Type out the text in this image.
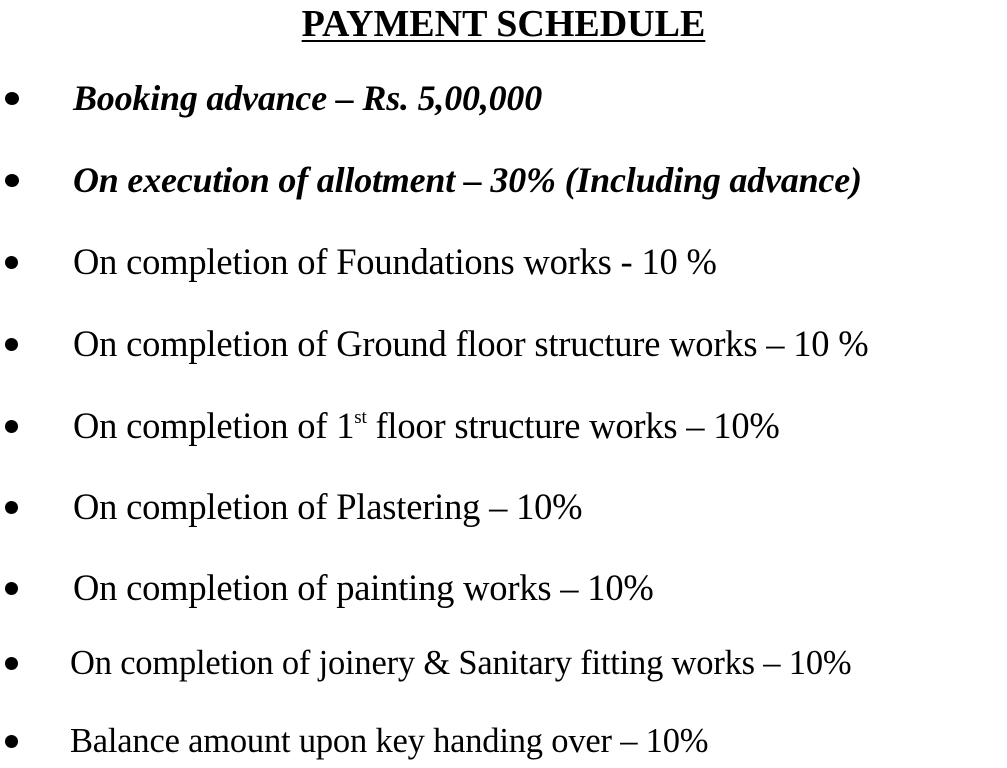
PAYMENT SCHEDULE
Booking advance – Rs. 5,00,000
On execution of allotment – 30% (Including advance)
On completion of Foundations works - 10 %
On completion of Ground floor structure works – 10 %
On completion of 1st floor structure works – 10%
On completion of Plastering – 10%
On completion of painting works – 10%
On completion of joinery & Sanitary fitting works – 10%
Balance amount upon key handing over – 10%
